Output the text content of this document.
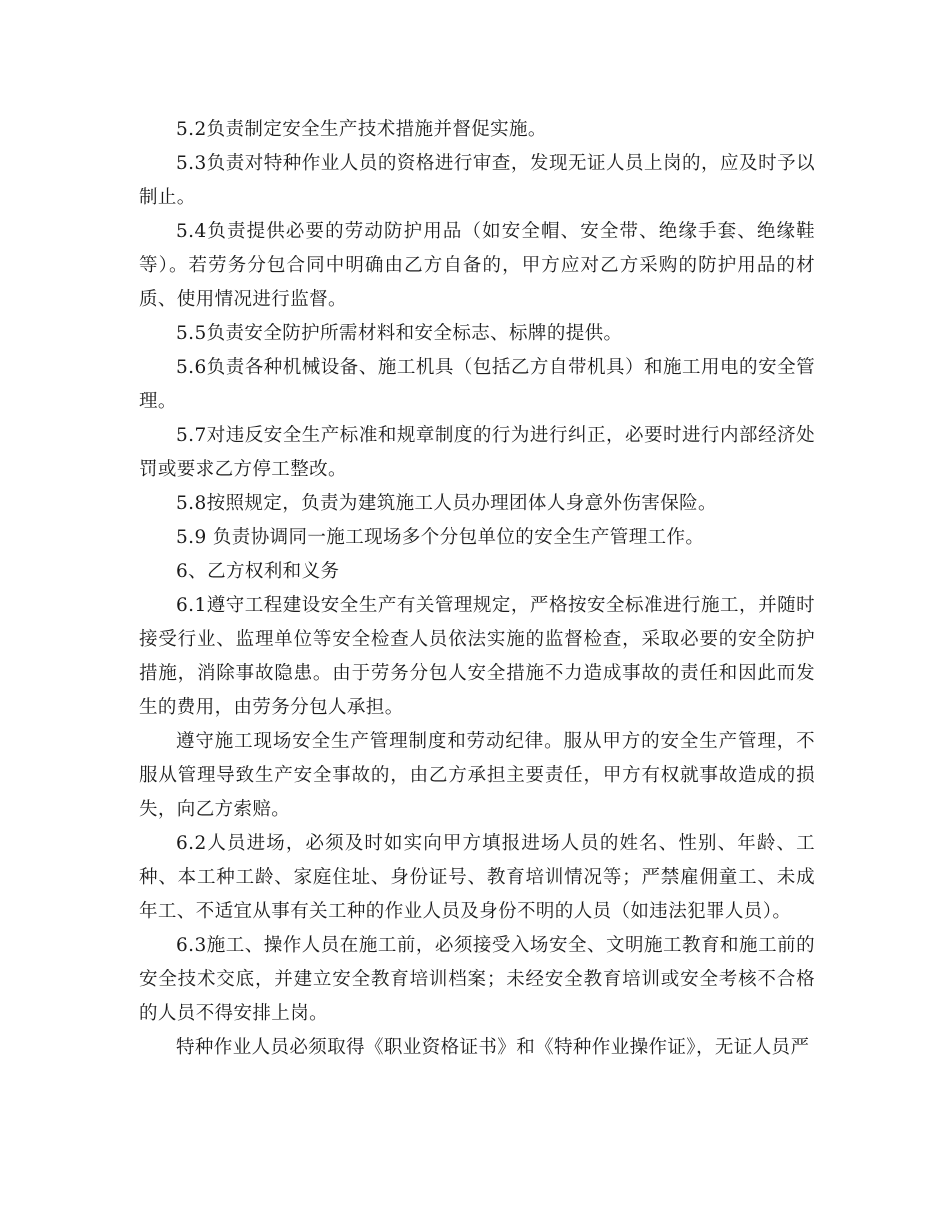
5.2负责制定安全生产技术措施并督促实施。

5.3负责对特种作业人员的资格进行审查，发现无证人员上岗的，应及时予以制止。

5.4负责提供必要的劳动防护用品（如安全帽、安全带、绝缘手套、绝缘鞋等）。若劳务分包合同中明确由乙方自备的，甲方应对乙方采购的防护用品的材质、使用情况进行监督。

5.5负责安全防护所需材料和安全标志、标牌的提供。

5.6负责各种机械设备、施工机具（包括乙方自带机具）和施工用电的安全管理。

5.7对违反安全生产标准和规章制度的行为进行纠正，必要时进行内部经济处罚或要求乙方停工整改。

5.8按照规定，负责为建筑施工人员办理团体人身意外伤害保险。

5.9 负责协调同一施工现场多个分包单位的安全生产管理工作。

6、乙方权利和义务

6.1遵守工程建设安全生产有关管理规定，严格按安全标准进行施工，并随时接受行业、监理单位等安全检查人员依法实施的监督检查，采取必要的安全防护措施，消除事故隐患。由于劳务分包人安全措施不力造成事故的责任和因此而发生的费用，由劳务分包人承担。

遵守施工现场安全生产管理制度和劳动纪律。服从甲方的安全生产管理，不服从管理导致生产安全事故的，由乙方承担主要责任，甲方有权就事故造成的损失，向乙方索赔。

6.2人员进场，必须及时如实向甲方填报进场人员的姓名、性别、年龄、工种、本工种工龄、家庭住址、身份证号、教育培训情况等；严禁雇佣童工、未成年工、不适宜从事有关工种的作业人员及身份不明的人员（如违法犯罪人员）。

6.3施工、操作人员在施工前，必须接受入场安全、文明施工教育和施工前的安全技术交底，并建立安全教育培训档案；未经安全教育培训或安全考核不合格的人员不得安排上岗。

特种作业人员必须取得《职业资格证书》和《特种作业操作证》，无证人员严
